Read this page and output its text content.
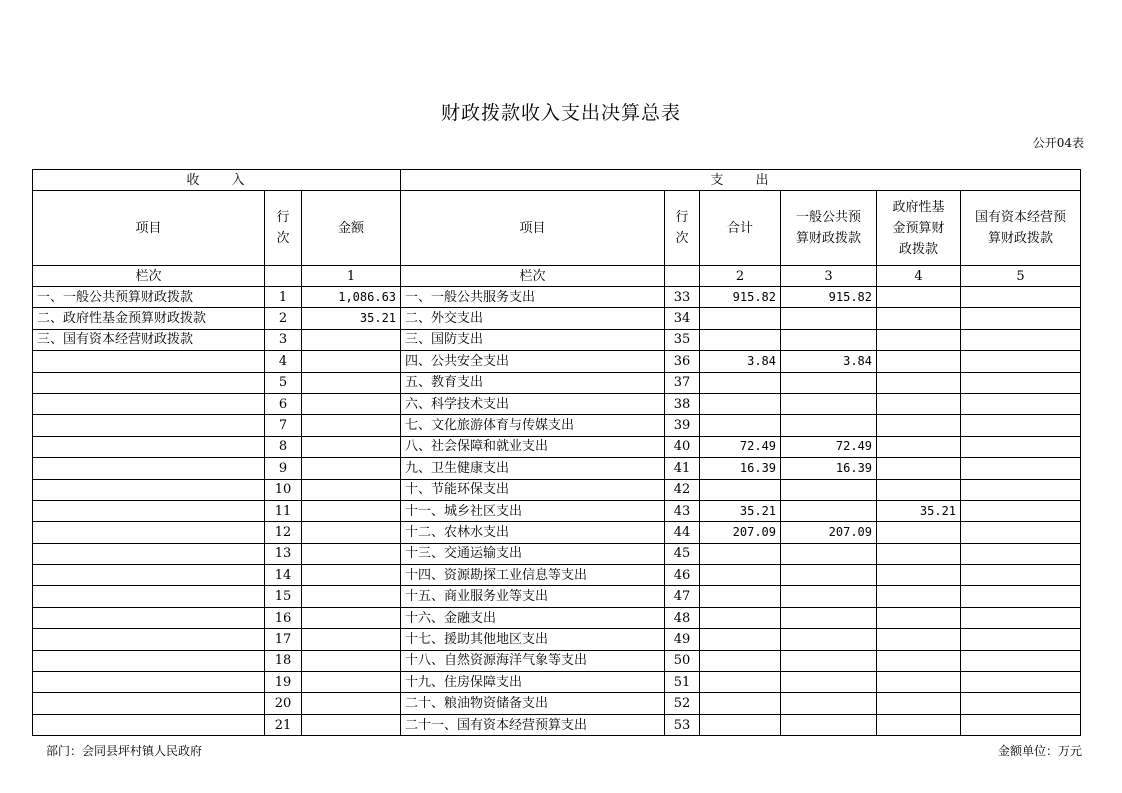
财政拨款收入支出决算总表
公开04表
收　　入			支　　出					
项目	行次	金额	项目	行次	合计	一般公共预算财政拨款	政府性基金预算财政拨款	国有资本经营预算财政拨款
栏次		1	栏次		2	3	4	5
一、一般公共预算财政拨款	1	1,086.63	一、一般公共服务支出	33	915.82	915.82		
二、政府性基金预算财政拨款	2	35.21	二、外交支出	34				
三、国有资本经营财政拨款	3		三、国防支出	35				
	4		四、公共安全支出	36	3.84	3.84		
	5		五、教育支出	37				
	6		六、科学技术支出	38				
	7		七、文化旅游体育与传媒支出	39				
	8		八、社会保障和就业支出	40	72.49	72.49		
	9		九、卫生健康支出	41	16.39	16.39		
	10		十、节能环保支出	42				
	11		十一、城乡社区支出	43	35.21		35.21	
	12		十二、农林水支出	44	207.09	207.09		
	13		十三、交通运输支出	45				
	14		十四、资源勘探工业信息等支出	46				
	15		十五、商业服务业等支出	47				
	16		十六、金融支出	48				
	17		十七、援助其他地区支出	49				
	18		十八、自然资源海洋气象等支出	50				
	19		十九、住房保障支出	51				
	20		二十、粮油物资储备支出	52				
	21		二十一、国有资本经营预算支出	53				
部门：会同县坪村镇人民政府	金额单位：万元
